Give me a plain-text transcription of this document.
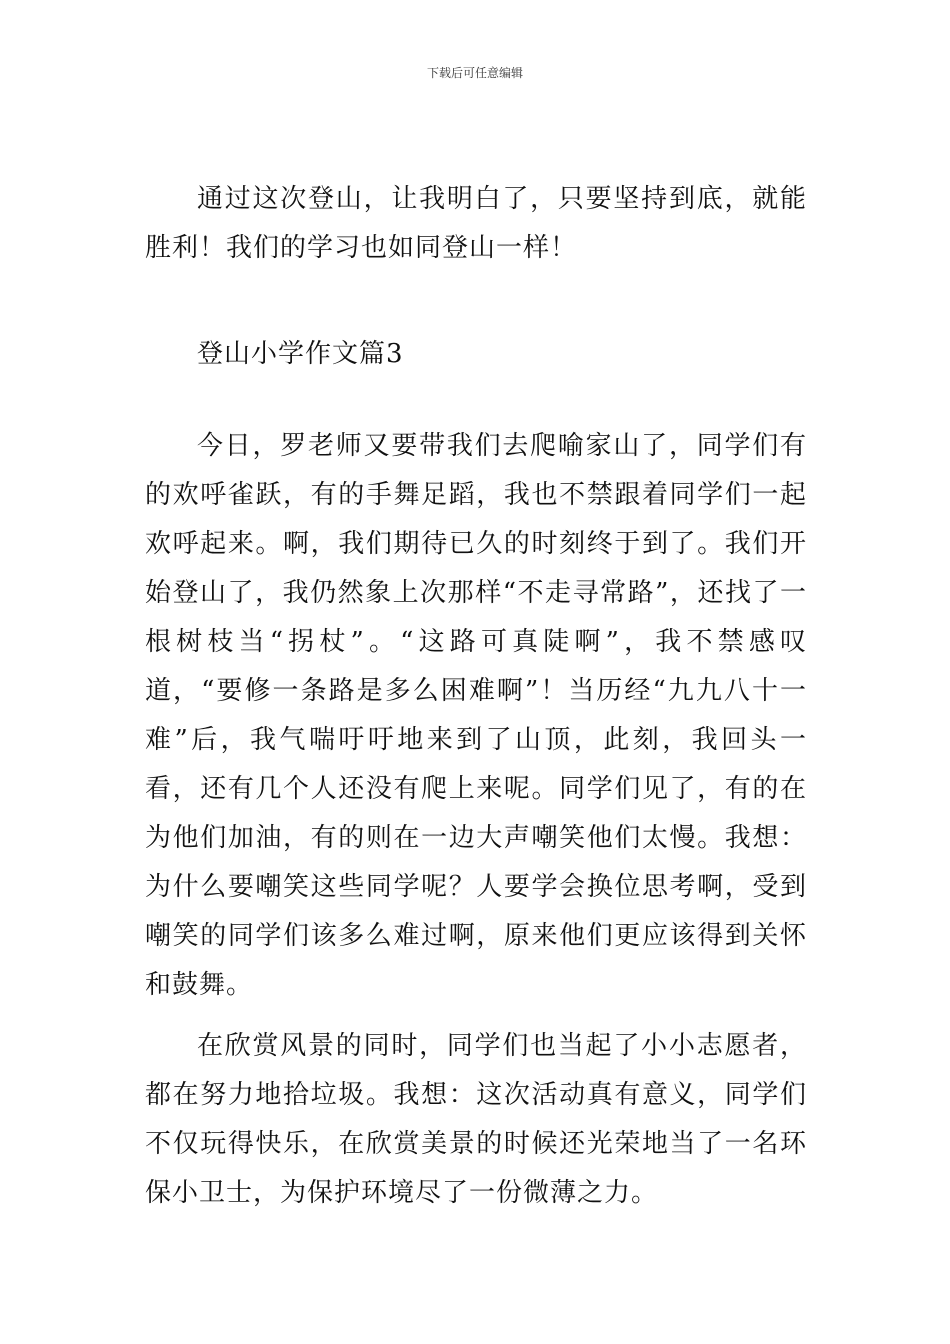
下载后可任意编辑

通过这次登山，让我明白了，只要坚持到底，就能胜利！我们的学习也如同登山一样！

登山小学作文篇3

今日，罗老师又要带我们去爬喻家山了，同学们有的欢呼雀跃，有的手舞足蹈，我也不禁跟着同学们一起欢呼起来。啊，我们期待已久的时刻终于到了。我们开始登山了，我仍然象上次那样“不走寻常路”，还找了一根树枝当“拐杖”。“这路可真陡啊”，我不禁感叹道，“要修一条路是多么困难啊”！当历经“九九八十一难”后，我气喘吁吁地来到了山顶，此刻，我回头一看，还有几个人还没有爬上来呢。同学们见了，有的在为他们加油，有的则在一边大声嘲笑他们太慢。我想：为什么要嘲笑这些同学呢？人要学会换位思考啊，受到嘲笑的同学们该多么难过啊，原来他们更应该得到关怀和鼓舞。

在欣赏风景的同时，同学们也当起了小小志愿者，都在努力地拾垃圾。我想：这次活动真有意义，同学们不仅玩得快乐，在欣赏美景的时候还光荣地当了一名环保小卫士，为保护环境尽了一份微薄之力。
